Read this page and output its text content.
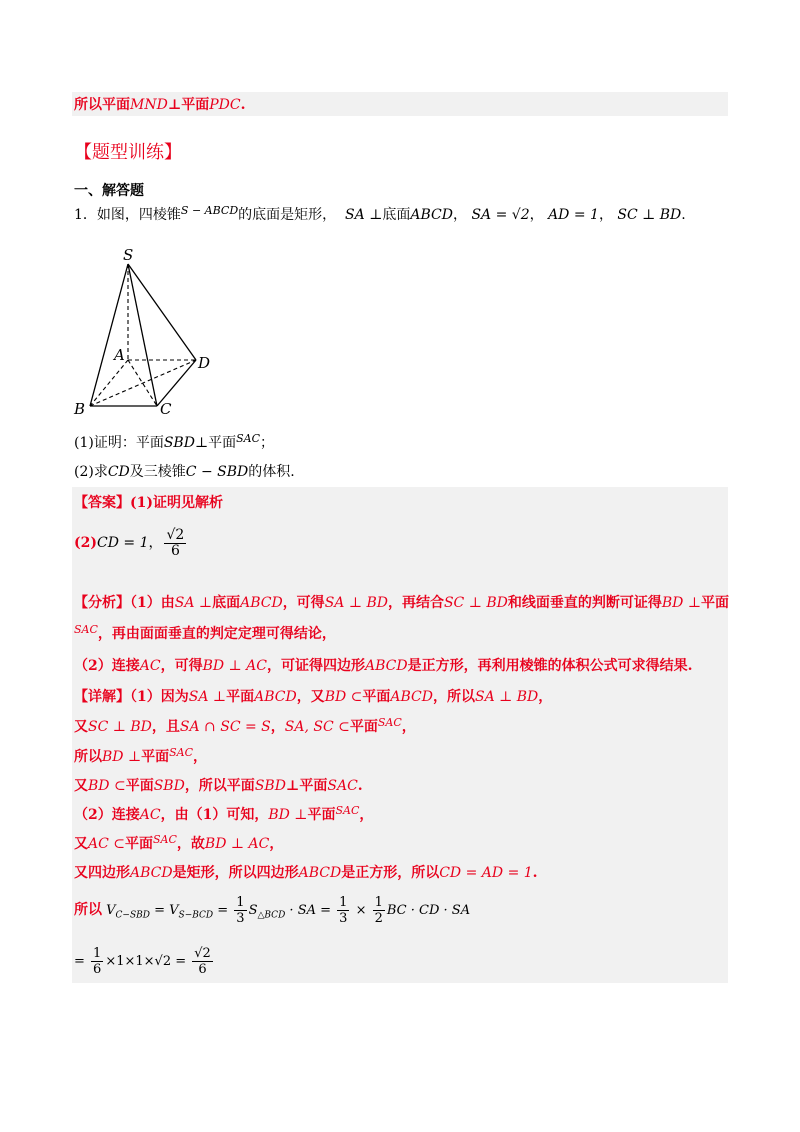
所以平面MND⊥平面PDC.
【题型训练】
一、解答题
1．如图，四棱锥$^{S - ABCD}$的底面是矩形， SA ⊥底面ABCD， SA = √2， AD = 1， SC ⊥ BD.
S
A	D
B	C
(1)证明：平面SBD⊥平面$^{SAC}$；
(2)求CD及三棱锥C − SBD的体积.
【答案】(1)证明见解析
(2)CD = 1， $\frac{√2}{6}$
【分析】（1）由SA ⊥底面ABCD，可得SA ⊥ BD，再结合SC ⊥ BD和线面垂直的判断可证得BD ⊥平面
$^{SAC}$，再由面面垂直的判定定理可得结论，
（2）连接AC，可得BD ⊥ AC，可证得四边形ABCD是正方形，再利用棱锥的体积公式可求得结果.
【详解】（1）因为SA ⊥平面ABCD，又BD ⊂平面ABCD，所以SA ⊥ BD，
又SC ⊥ BD，且SA ∩ SC = S，SA, SC ⊂平面$^{SAC}$，
所以BD ⊥平面$^{SAC}$，
又BD ⊂平面SBD，所以平面SBD⊥平面SAC.
（2）连接AC，由（1）可知，BD ⊥平面$^{SAC}$，
又AC ⊂平面$^{SAC}$，故BD ⊥ AC，
又四边形ABCD是矩形，所以四边形ABCD是正方形，所以CD = AD = 1.
所以 $V_{C-SBD} = V_{S-BCD} = \frac{1}{3} S_{\triangle BCD}$ · SA = $\frac{1}{3} \times \frac{1}{2}$ BC · CD · SA
= $\frac{1}{6} \times 1\times 1\times√2 = \frac{√2}{6}$
